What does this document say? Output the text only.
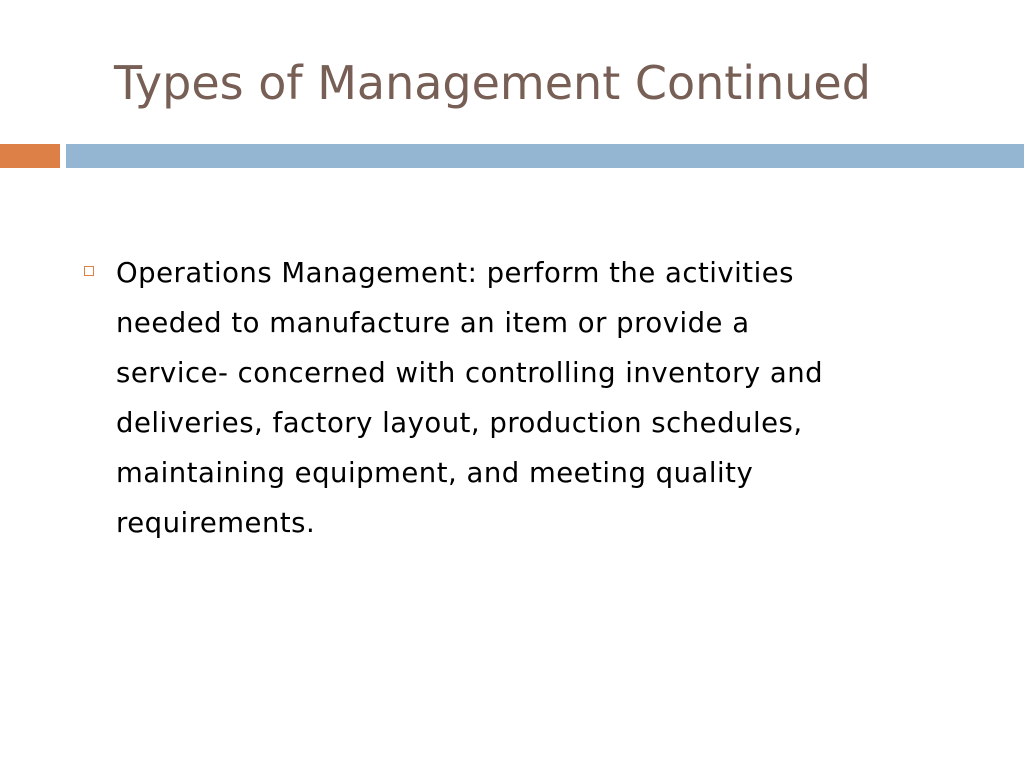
Types of Management Continued
Operations Management: perform the activities
needed to manufacture an item or provide a
service- concerned with controlling inventory and
deliveries, factory layout, production schedules,
maintaining equipment, and meeting quality
requirements.
